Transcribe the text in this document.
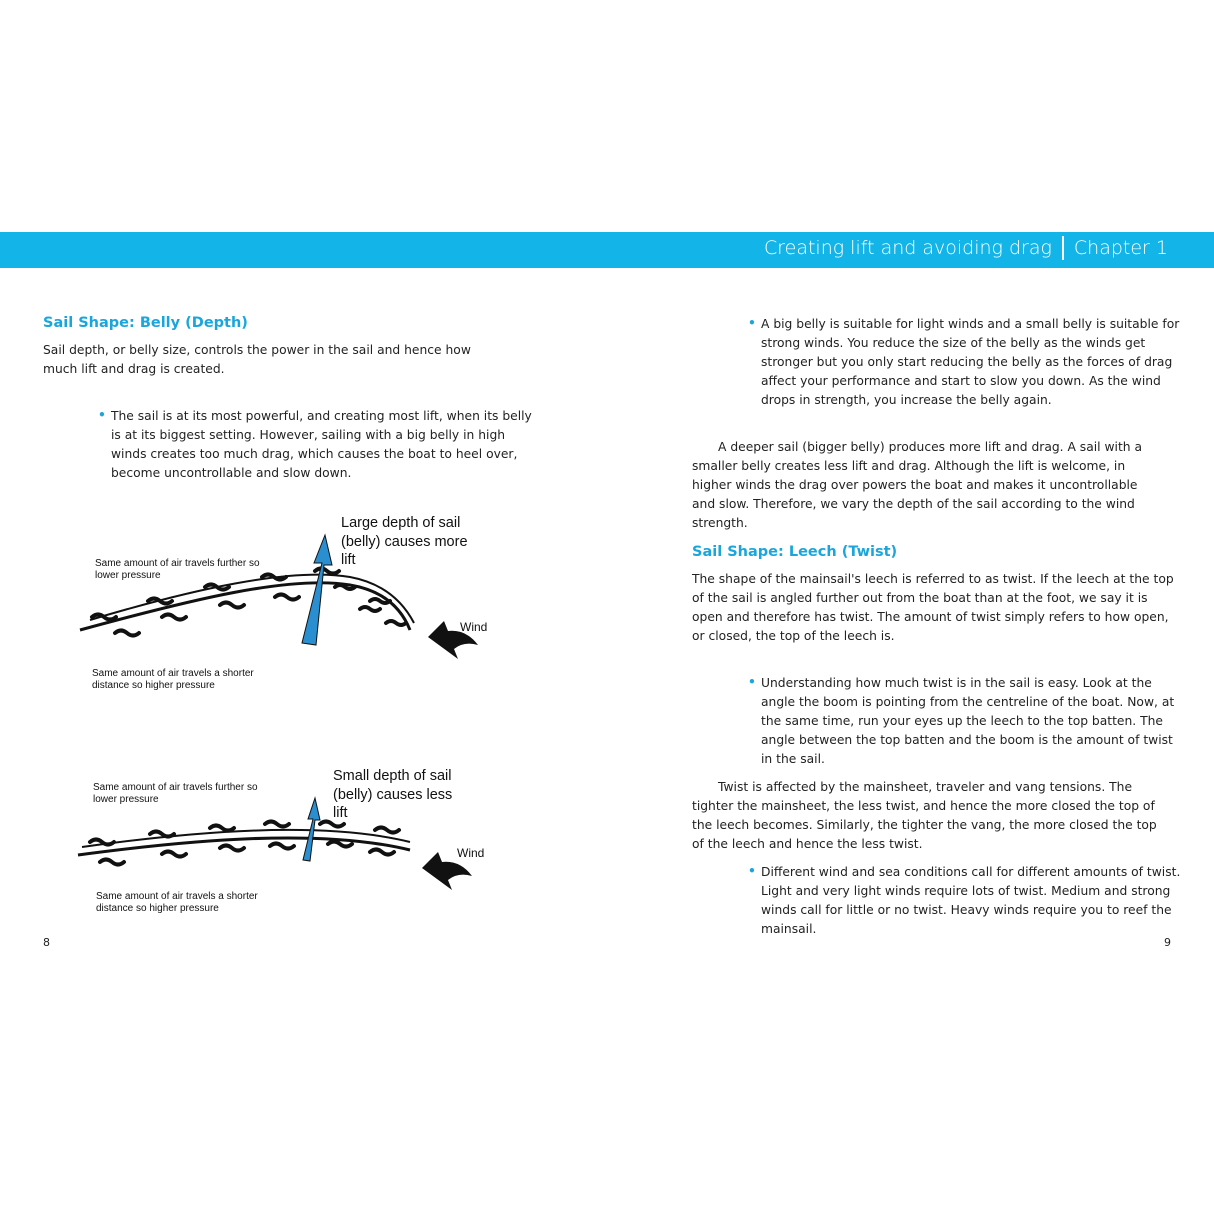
Creating lift and avoiding drag Chapter 1
Sail Shape: Belly (Depth)

Sail depth, or belly size, controls the power in the sail and hence how much lift and drag is created.

• The sail is at its most powerful, and creating most lift, when its belly is at its biggest setting. However, sailing with a big belly in high winds creates too much drag, which causes the boat to heel over, become uncontrollable and slow down.
Wind
Large depth of sail
(belly) causes more
lift
Same amount of air travels further so
lower pressure
Same amount of air travels a shorter
distance so higher pressure
Wind
Small depth of sail
(belly) causes less
lift
Same amount of air travels further so
lower pressure
Same amount of air travels a shorter
distance so higher pressure
8
• A big belly is suitable for light winds and a small belly is suitable for strong winds. You reduce the size of the belly as the winds get stronger but you only start reducing the belly as the forces of drag affect your performance and start to slow you down. As the wind drops in strength, you increase the belly again.

A deeper sail (bigger belly) produces more lift and drag. A sail with a smaller belly creates less lift and drag. Although the lift is welcome, in higher winds the drag over powers the boat and makes it uncontrollable and slow. Therefore, we vary the depth of the sail according to the wind strength.

Sail Shape: Leech (Twist)

The shape of the mainsail's leech is referred to as twist. If the leech at the top of the sail is angled further out from the boat than at the foot, we say it is open and therefore has twist. The amount of twist simply refers to how open, or closed, the top of the leech is.

• Understanding how much twist is in the sail is easy. Look at the angle the boom is pointing from the centreline of the boat. Now, at the same time, run your eyes up the leech to the top batten. The angle between the top batten and the boom is the amount of twist in the sail.

Twist is affected by the mainsheet, traveler and vang tensions. The tighter the mainsheet, the less twist, and hence the more closed the top of the leech becomes. Similarly, the tighter the vang, the more closed the top of the leech and hence the less twist.

• Different wind and sea conditions call for different amounts of twist. Light and very light winds require lots of twist. Medium and strong winds call for little or no twist. Heavy winds require you to reef the mainsail.
9
